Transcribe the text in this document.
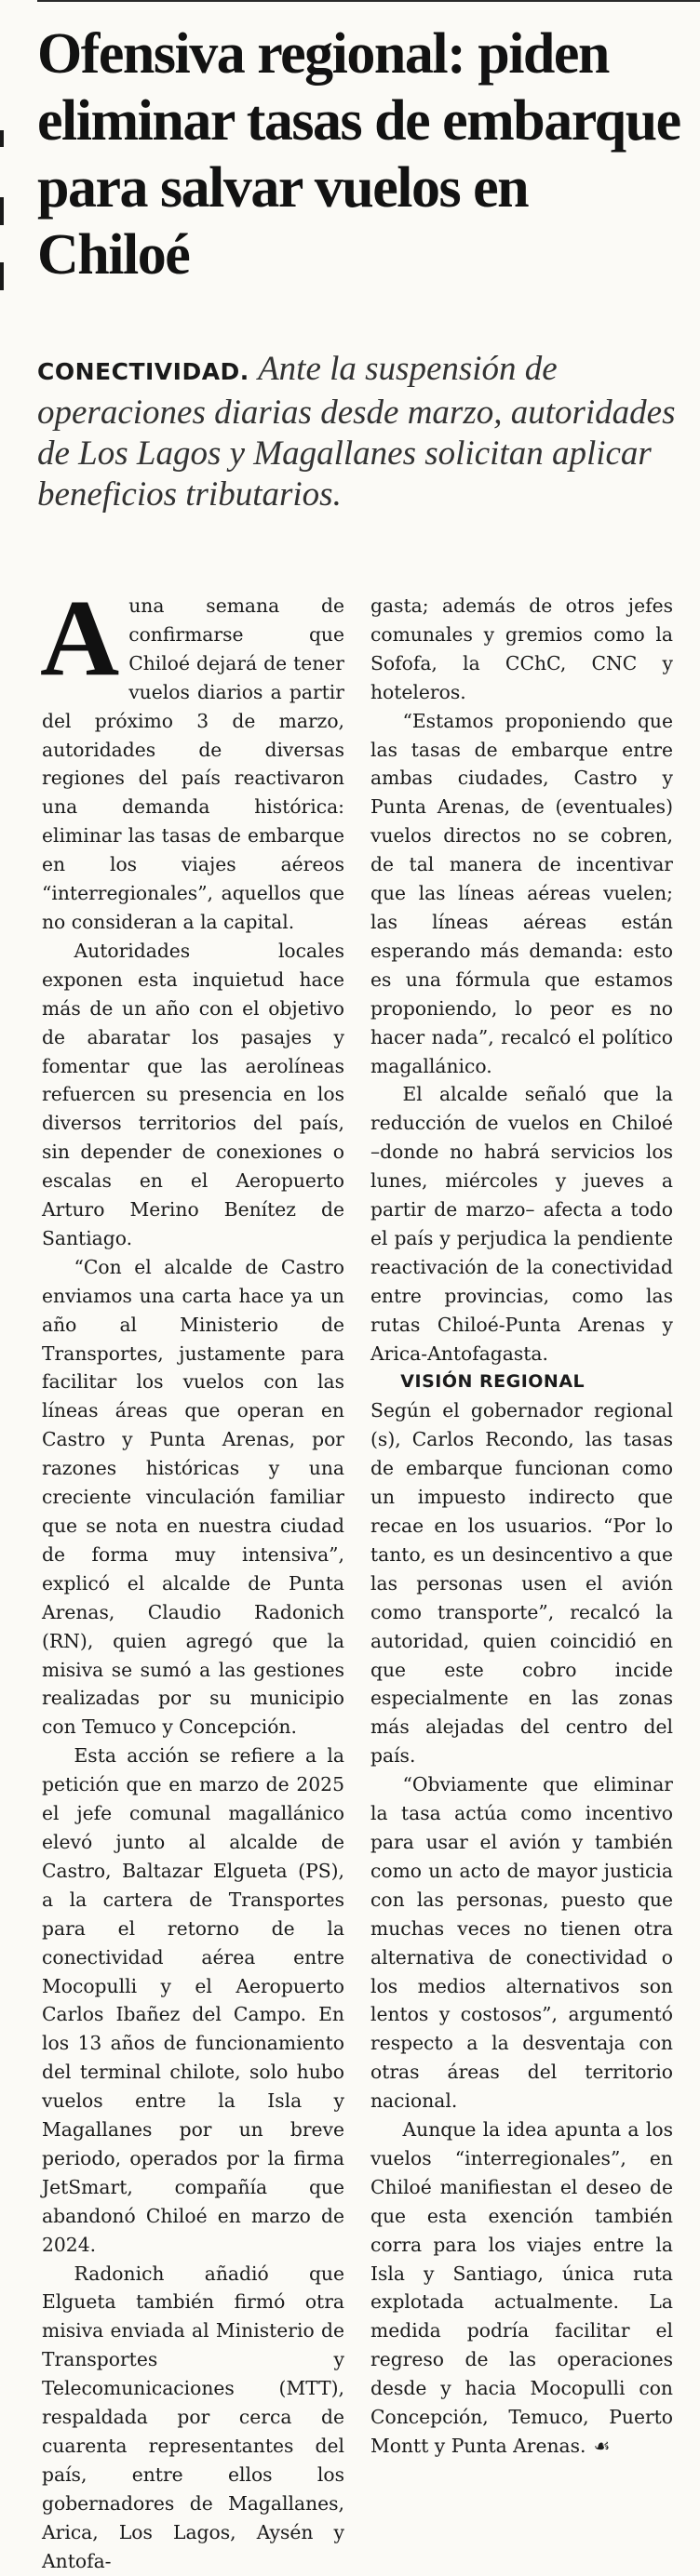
Ofensiva regional: piden eliminar tasas de embarque para salvar vuelos en Chiloé

CONECTIVIDAD. Ante la suspensión de operaciones diarias desde marzo, autoridades de Los Lagos y Magallanes solicitan aplicar beneficios tributarios.

Auna semana de confirmarse que Chiloé dejará de tener vuelos diarios a partir del próximo 3 de marzo, autoridades de diversas regiones del país reactivaron una demanda histórica: eliminar las tasas de embarque en los viajes aéreos “interregionales”, aquellos que no consideran a la capital.

Autoridades locales exponen esta inquietud hace más de un año con el objetivo de abaratar los pasajes y fomentar que las aerolíneas refuercen su presencia en los diversos territorios del país, sin depender de conexiones o escalas en el Aeropuerto Arturo Merino Benítez de Santiago.

“Con el alcalde de Castro enviamos una carta hace ya un año al Ministerio de Transportes, justamente para facilitar los vuelos con las líneas áreas que operan en Castro y Punta Arenas, por razones históricas y una creciente vinculación familiar que se nota en nuestra ciudad de forma muy intensiva”, explicó el alcalde de Punta Arenas, Claudio Radonich (RN), quien agregó que la misiva se sumó a las gestiones realizadas por su municipio con Temuco y Concepción.

Esta acción se refiere a la petición que en marzo de 2025 el jefe comunal magallánico elevó junto al alcalde de Castro, Baltazar Elgueta (PS), a la cartera de Transportes para el retorno de la conectividad aérea entre Mocopulli y el Aeropuerto Carlos Ibañez del Campo. En los 13 años de funcionamiento del terminal chilote, solo hubo vuelos entre la Isla y Magallanes por un breve periodo, operados por la firma JetSmart, compañía que abandonó Chiloé en marzo de 2024.

Radonich añadió que Elgueta también firmó otra misiva enviada al Ministerio de Transportes y Telecomunicaciones (MTT), respaldada por cerca de cuarenta representantes del país, entre ellos los gobernadores de Magallanes, Arica, Los Lagos, Aysén y Antofa-

gasta; además de otros jefes comunales y gremios como la Sofofa, la CChC, CNC y hoteleros.

“Estamos proponiendo que las tasas de embarque entre ambas ciudades, Castro y Punta Arenas, de (eventuales) vuelos directos no se cobren, de tal manera de incentivar que las líneas aéreas vuelen; las líneas aéreas están esperando más demanda: esto es una fórmula que estamos proponiendo, lo peor es no hacer nada”, recalcó el político magallánico.

El alcalde señaló que la reducción de vuelos en Chiloé –donde no habrá servicios los lunes, miércoles y jueves a partir de marzo– afecta a todo el país y perjudica la pendiente reactivación de la conectividad entre provincias, como las rutas Chiloé-Punta Arenas y Arica-Antofagasta.

VISIÓN REGIONAL

Según el gobernador regional (s), Carlos Recondo, las tasas de embarque funcionan como un impuesto indirecto que recae en los usuarios. “Por lo tanto, es un desincentivo a que las personas usen el avión como transporte”, recalcó la autoridad, quien coincidió en que este cobro incide especialmente en las zonas más alejadas del centro del país.

“Obviamente que eliminar la tasa actúa como incentivo para usar el avión y también como un acto de mayor justicia con las personas, puesto que muchas veces no tienen otra alternativa de conectividad o los medios alternativos son lentos y costosos”, argumentó respecto a la desventaja con otras áreas del territorio nacional.

Aunque la idea apunta a los vuelos “interregionales”, en Chiloé manifiestan el deseo de que esta exención también corra para los viajes entre la Isla y Santiago, única ruta explotada actualmente. La medida podría facilitar el regreso de las operaciones desde y hacia Mocopulli con Concepción, Temuco, Puerto Montt y Punta Arenas. ☙
